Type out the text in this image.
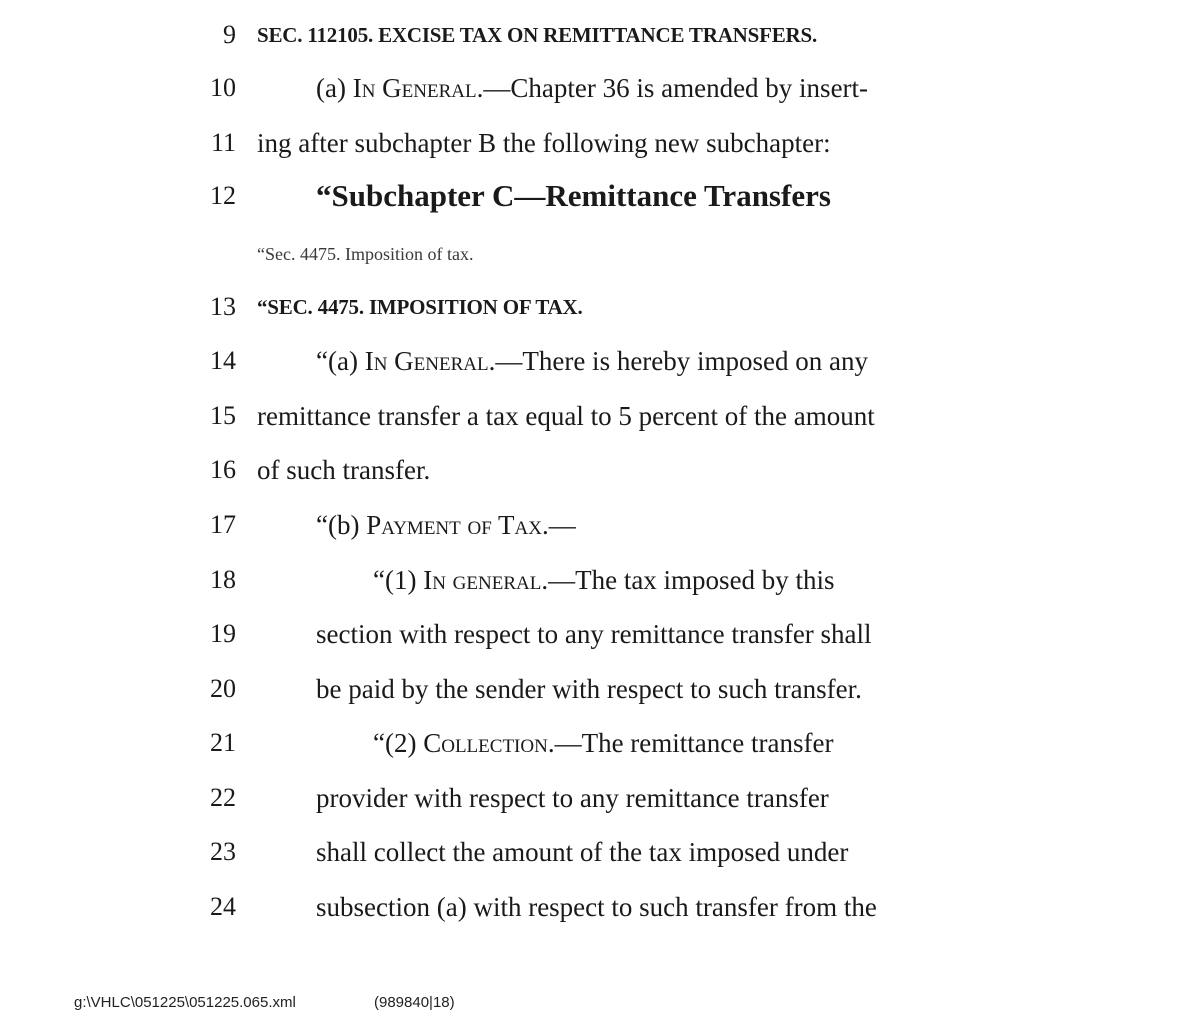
9 SEC. 112105. EXCISE TAX ON REMITTANCE TRANSFERS.
10	(a) In General.—Chapter 36 is amended by insert-
11 ing after subchapter B the following new subchapter:
12	“Subchapter C—Remittance Transfers
“Sec. 4475. Imposition of tax.
13 “SEC. 4475. IMPOSITION OF TAX.
14	“(a) In General.—There is hereby imposed on any
15 remittance transfer a tax equal to 5 percent of the amount
16 of such transfer.
17	“(b) Payment of Tax.—
18	“(1) In general.—The tax imposed by this
19	section with respect to any remittance transfer shall
20	be paid by the sender with respect to such transfer.
21	“(2) Collection.—The remittance transfer
22	provider with respect to any remittance transfer
23	shall collect the amount of the tax imposed under
24	subsection (a) with respect to such transfer from the
g:\VHLC\051225\051225.065.xml	(989840|18)
